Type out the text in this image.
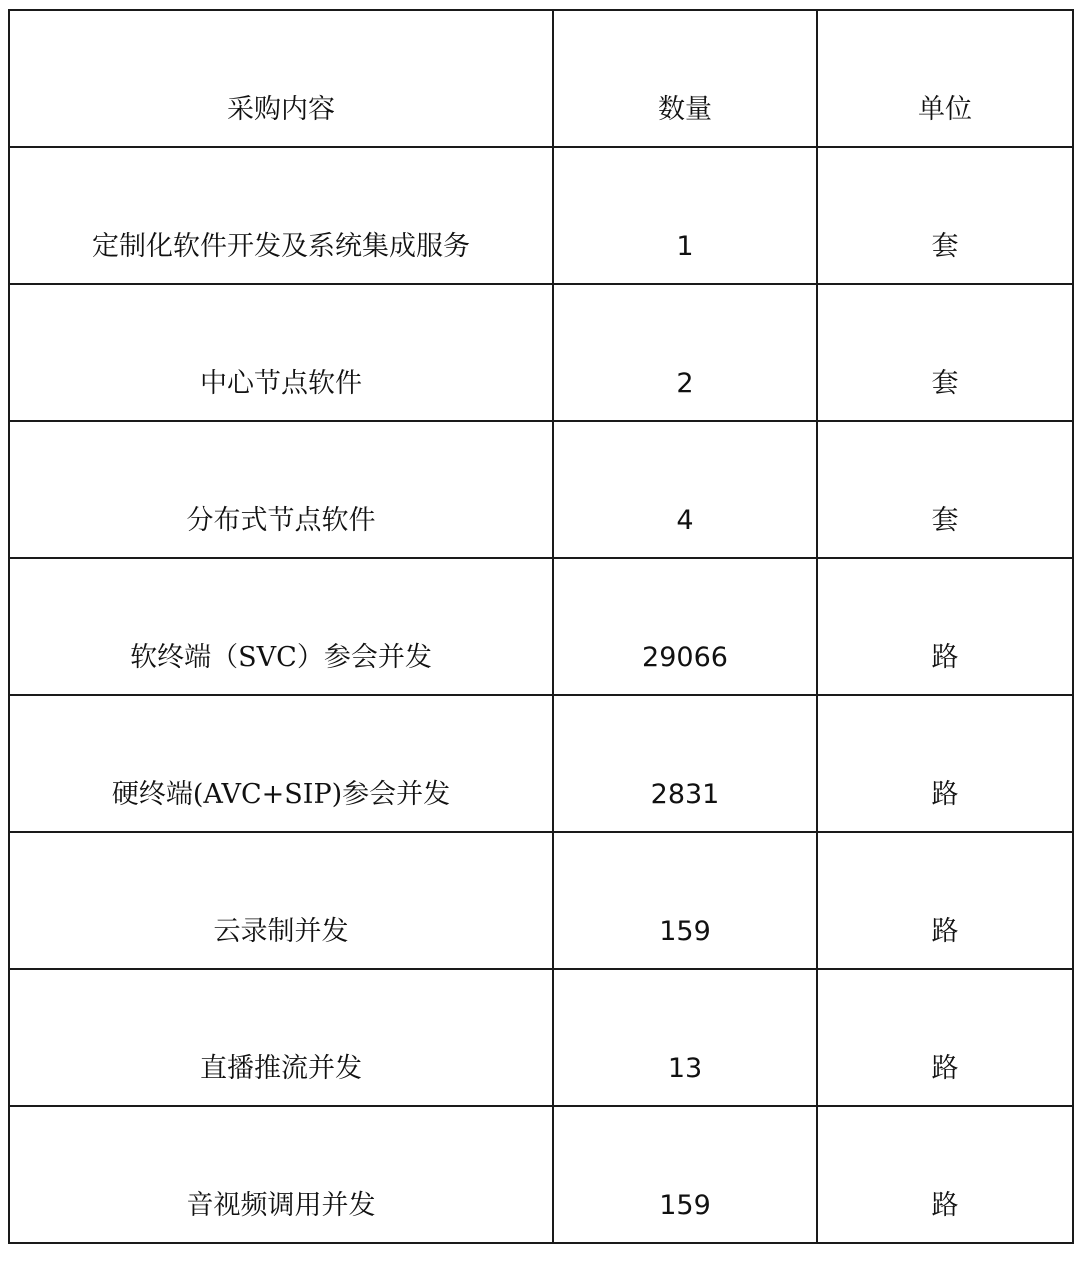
采购内容	数量	单位
定制化软件开发及系统集成服务	1	套
中心节点软件	2	套
分布式节点软件	4	套
软终端（SVC）参会并发	29066	路
硬终端(AVC+SIP)参会并发	2831	路
云录制并发	159	路
直播推流并发	13	路
音视频调用并发	159	路
